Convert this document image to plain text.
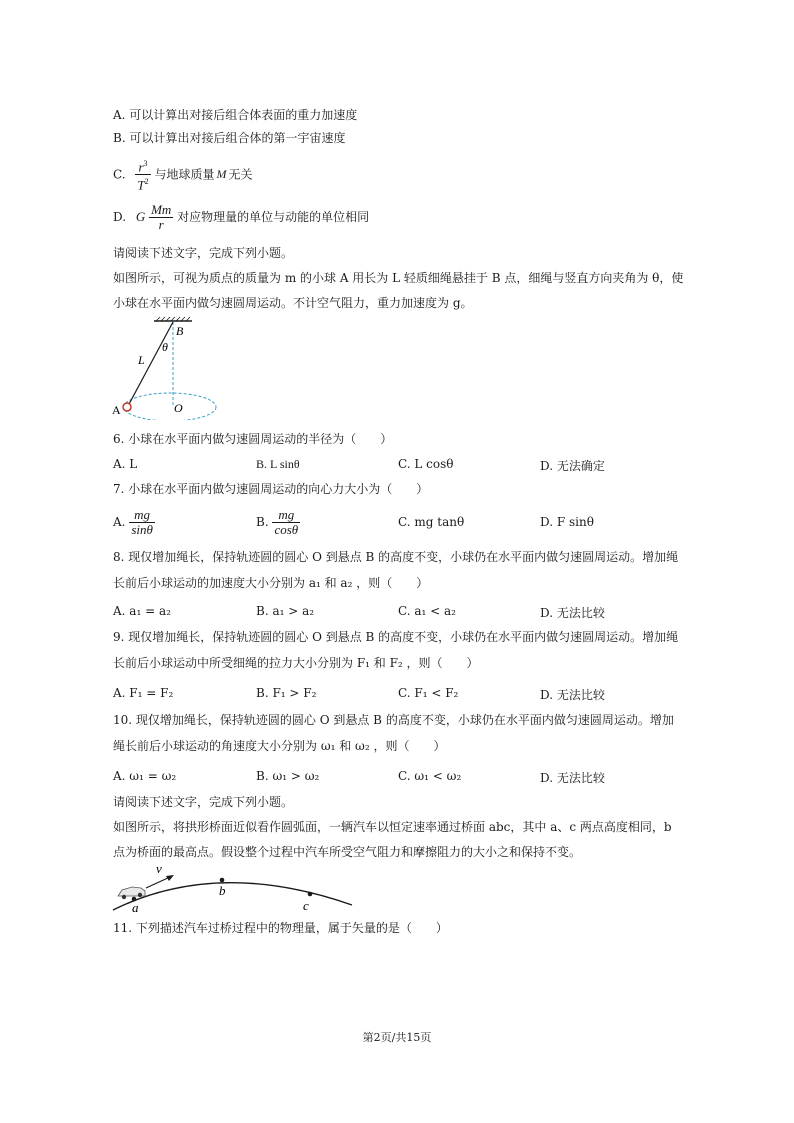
A. 可以计算出对接后组合体表面的重力加速度
B. 可以计算出对接后组合体的第一宇宙速度
C. $\frac{r^3}{T^2}$ 与地球质量 M 无关
D. G $\frac{Mm}{r}$ 对应物理量的单位与动能的单位相同
请阅读下述文字，完成下列小题。
如图所示，可视为质点的质量为 m 的小球 A 用长为 L 轻质细绳悬挂于 B 点，细绳与竖直方向夹角为 θ，使
小球在水平面内做匀速圆周运动。不计空气阻力，重力加速度为 g。
B
θ
L
A	O
6. 小球在水平面内做匀速圆周运动的半径为（　　）
A. L	B. L sinθ	C. L cosθ	D. 无法确定
7. 小球在水平面内做匀速圆周运动的向心力大小为（　　）
A. $\frac{mg}{\sin\theta}$	B. $\frac{mg}{\cos\theta}$	C. mg tanθ	D. F sinθ
8. 现仅增加绳长，保持轨迹圆的圆心 O 到悬点 B 的高度不变，小球仍在水平面内做匀速圆周运动。增加绳
长前后小球运动的加速度大小分别为 a₁ 和 a₂ ，则（　　）
A. a₁ = a₂	B. a₁ > a₂	C. a₁ < a₂	D. 无法比较
9. 现仅增加绳长，保持轨迹圆的圆心 O 到悬点 B 的高度不变，小球仍在水平面内做匀速圆周运动。增加绳
长前后小球运动中所受细绳的拉力大小分别为 F₁ 和 F₂ ，则（　　）
A. F₁ = F₂	B. F₁ > F₂	C. F₁ < F₂	D. 无法比较
10. 现仅增加绳长，保持轨迹圆的圆心 O 到悬点 B 的高度不变，小球仍在水平面内做匀速圆周运动。增加
绳长前后小球运动的角速度大小分别为 ω₁ 和 ω₂ ，则（　　）
A. ω₁ = ω₂	B. ω₁ > ω₂	C. ω₁ < ω₂	D. 无法比较
请阅读下述文字，完成下列小题。
如图所示，将拱形桥面近似看作圆弧面，一辆汽车以恒定速率通过桥面 abc，其中 a、c 两点高度相同，b
点为桥面的最高点。假设整个过程中汽车所受空气阻力和摩擦阻力的大小之和保持不变。
v
a
b
c
11. 下列描述汽车过桥过程中的物理量，属于矢量的是（　　）
第2页/共15页
